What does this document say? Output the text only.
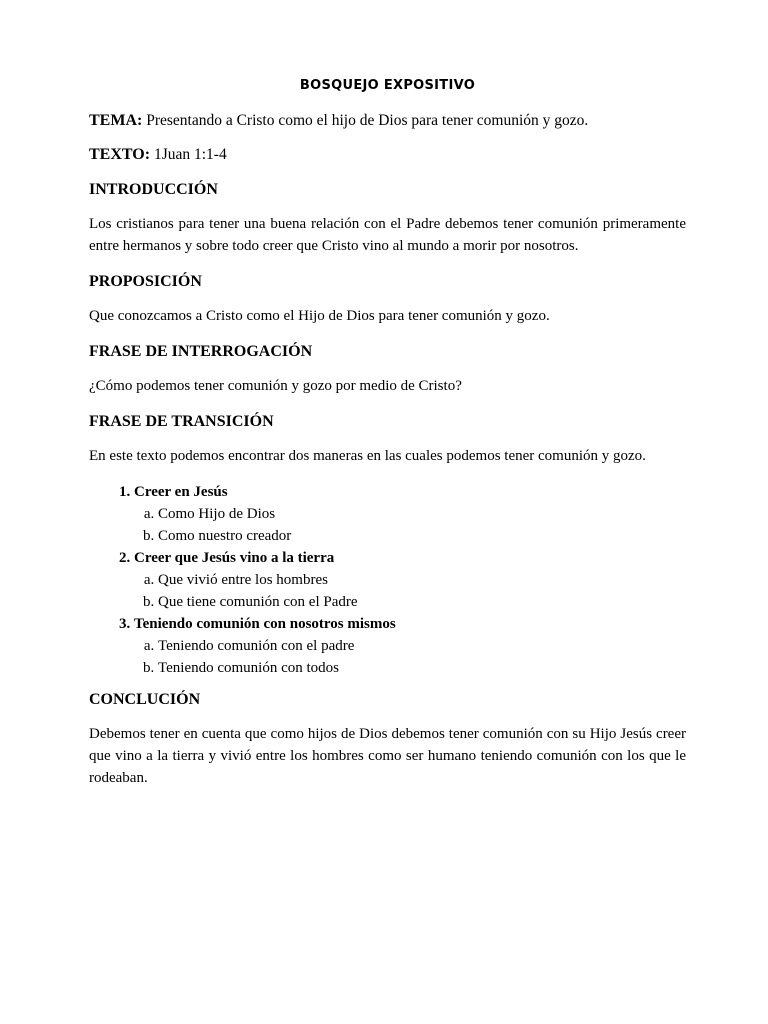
BOSQUEJO EXPOSITIVO
TEMA: Presentando a Cristo como el hijo de Dios para tener comunión y gozo.
TEXTO: 1Juan 1:1-4
INTRODUCCIÓN

Los cristianos para tener una buena relación con el Padre debemos tener comunión primeramente entre hermanos y sobre todo creer que Cristo vino al mundo a morir por nosotros.

PROPOSICIÓN

Que conozcamos a Cristo como el Hijo de Dios para tener comunión y gozo.

FRASE DE INTERROGACIÓN

¿Cómo podemos tener comunión y gozo por medio de Cristo?

FRASE DE TRANSICIÓN

En este texto podemos encontrar dos maneras en las cuales podemos tener comunión y gozo.

1. Creer en Jesús
a. Como Hijo de Dios
b. Como nuestro creador
2. Creer que Jesús vino a la tierra
a. Que vivió entre los hombres
b. Que tiene comunión con el Padre
3. Teniendo comunión con nosotros mismos
a. Teniendo comunión con el padre
b. Teniendo comunión con todos
CONCLUCIÓN

Debemos tener en cuenta que como hijos de Dios debemos tener comunión con su Hijo Jesús creer que vino a la tierra y vivió entre los hombres como ser humano teniendo comunión con los que le rodeaban.
